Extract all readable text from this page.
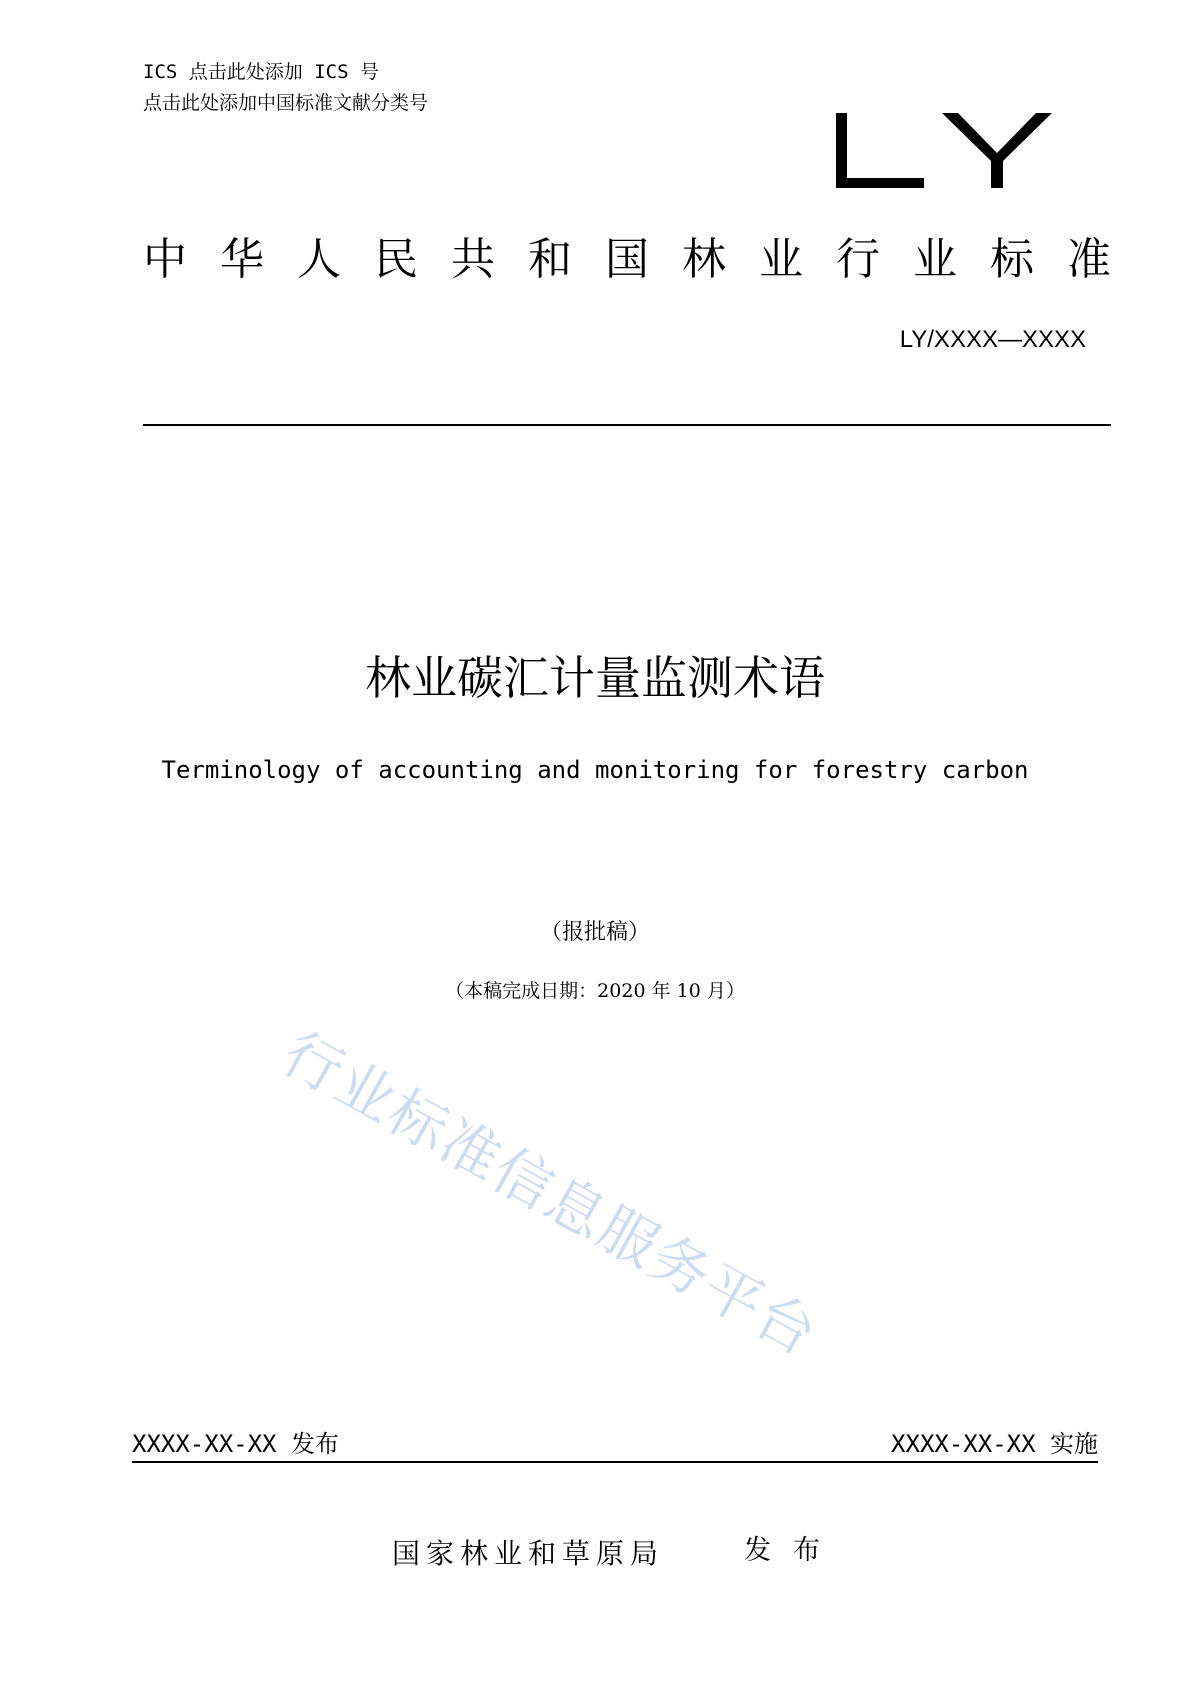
ICS 点击此处添加 ICS 号
点击此处添加中国标准文献分类号
中华人民共和国林业行业标准
LY/XXXX—XXXX
林业碳汇计量监测术语
Terminology of accounting and monitoring for forestry carbon
（报批稿）
（本稿完成日期：2020 年 10 月）
行业标准信息服务平台
XXXX-XX-XX 发布	XXXX-XX-XX 实施
国家林业和草原局	发布
